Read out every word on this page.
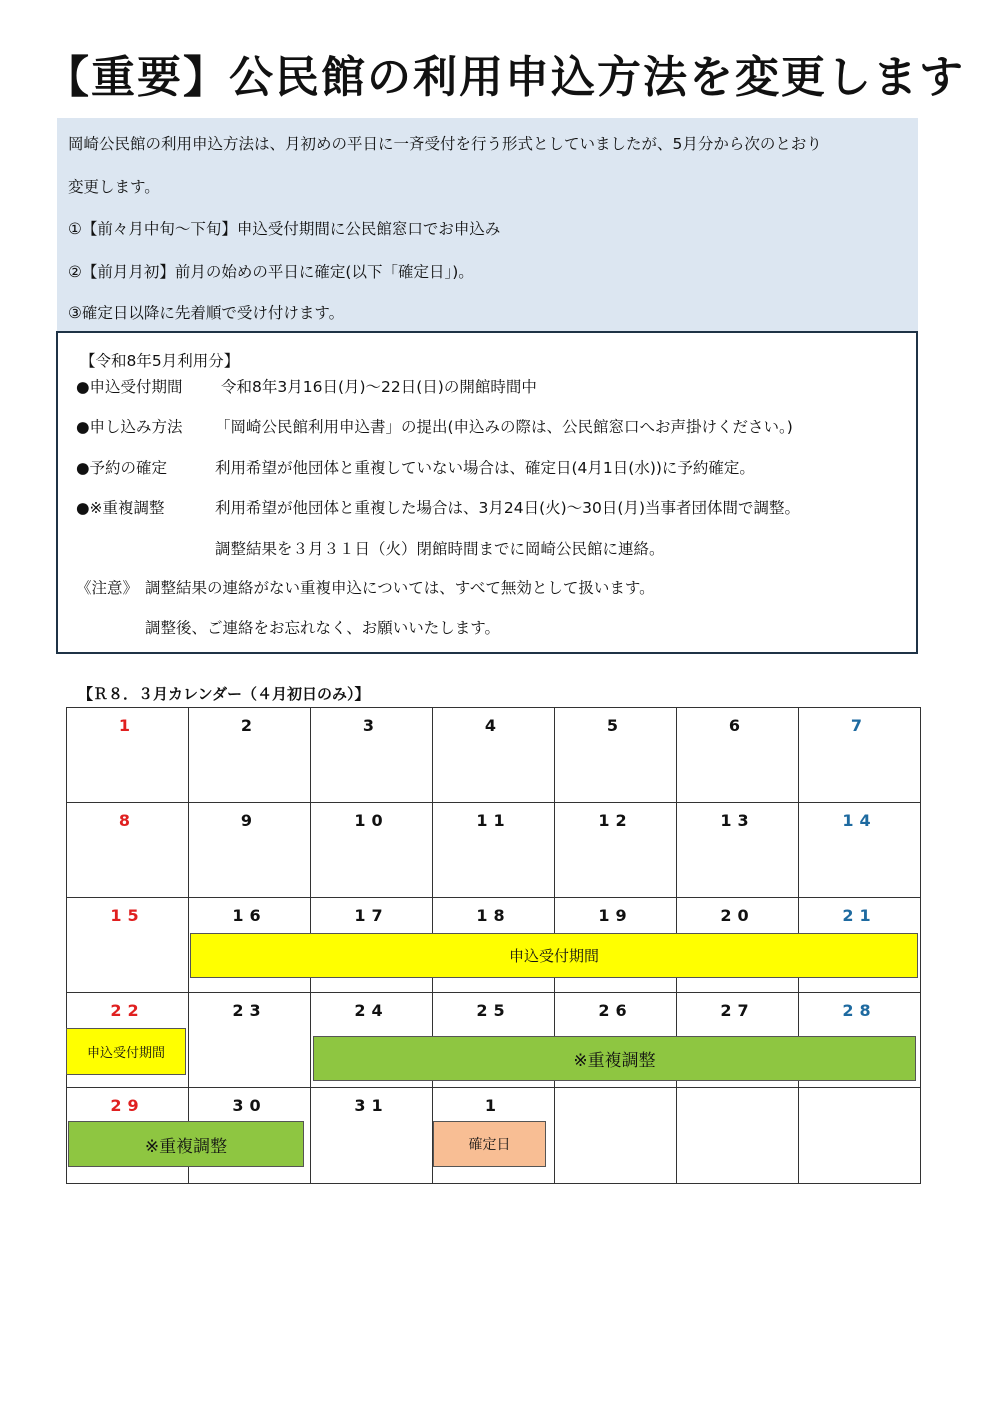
【重要】公民館の利用申込方法を変更します
岡崎公民館の利用申込方法は、月初めの平日に一斉受付を行う形式としていましたが、5月分から次のとおり
変更します。
①【前々月中旬～下旬】申込受付期間に公民館窓口でお申込み
②【前月月初】前月の始めの平日に確定(以下「確定日」)。
③確定日以降に先着順で受け付けます。
【令和8年5月利用分】
●申込受付期間 令和8年3月16日(月)～22日(日)の開館時間中
●申し込み方法 「岡崎公民館利用申込書」の提出(申込みの際は、公民館窓口へお声掛けください。)
●予約の確定	利用希望が他団体と重複していない場合は、確定日(4月1日(水))に予約確定。
●※重複調整	利用希望が他団体と重複した場合は、3月24日(火)～30日(月)当事者団体間で調整。
調整結果を３月３１日（火）閉館時間までに岡崎公民館に連絡。
《注意》 調整結果の連絡がない重複申込については、すべて無効として扱います。
調整後、ご連絡をお忘れなく、お願いいたします。
【Ｒ８．３月カレンダー（４月初日のみ）】
1	2	3	4	5	6	7
8	9	10	11	12	13	14
15	16	17	18	19	20	21
22	23	24	25	26	27	28
29	30	31	1
申込受付期間
申込受付期間	※重複調整
※重複調整	確定日
